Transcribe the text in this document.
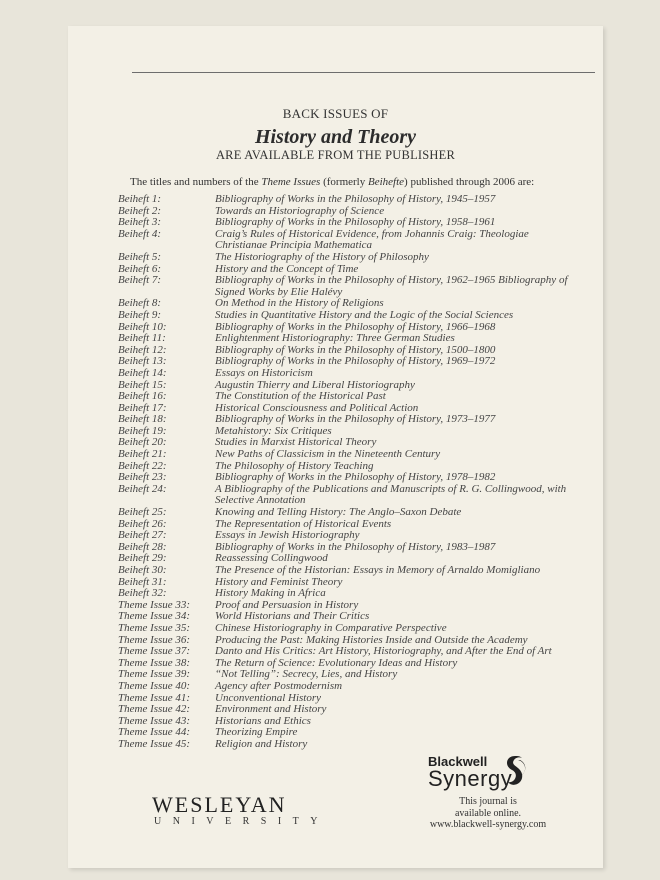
BACK ISSUES OF
History and Theory
ARE AVAILABLE FROM THE PUBLISHER
The titles and numbers of the Theme Issues (formerly Beihefte) published through 2006 are:
Beiheft 1:	Bibliography of Works in the Philosophy of History, 1945–1957
Beiheft 2:	Towards an Historiography of Science
Beiheft 3:	Bibliography of Works in the Philosophy of History, 1958–1961
Beiheft 4:	Craig’s Rules of Historical Evidence, from Johannis Craig: Theologiae Christianae Principia Mathematica
Beiheft 5:	The Historiography of the History of Philosophy
Beiheft 6:	History and the Concept of Time
Beiheft 7:	Bibliography of Works in the Philosophy of History, 1962–1965 Bibliography of Signed Works by Elie Halévy
Beiheft 8:	On Method in the History of Religions
Beiheft 9:	Studies in Quantitative History and the Logic of the Social Sciences
Beiheft 10:	Bibliography of Works in the Philosophy of History, 1966–1968
Beiheft 11:	Enlightenment Historiography: Three German Studies
Beiheft 12:	Bibliography of Works in the Philosophy of History, 1500–1800
Beiheft 13:	Bibliography of Works in the Philosophy of History, 1969–1972
Beiheft 14:	Essays on Historicism
Beiheft 15:	Augustin Thierry and Liberal Historiography
Beiheft 16:	The Constitution of the Historical Past
Beiheft 17:	Historical Consciousness and Political Action
Beiheft 18:	Bibliography of Works in the Philosophy of History, 1973–1977
Beiheft 19:	Metahistory: Six Critiques
Beiheft 20:	Studies in Marxist Historical Theory
Beiheft 21:	New Paths of Classicism in the Nineteenth Century
Beiheft 22:	The Philosophy of History Teaching
Beiheft 23:	Bibliography of Works in the Philosophy of History, 1978–1982
Beiheft 24:	A Bibliography of the Publications and Manuscripts of R. G. Collingwood, with Selective Annotation
Beiheft 25:	Knowing and Telling History: The Anglo–Saxon Debate
Beiheft 26:	The Representation of Historical Events
Beiheft 27:	Essays in Jewish Historiography
Beiheft 28:	Bibliography of Works in the Philosophy of History, 1983–1987
Beiheft 29:	Reassessing Collingwood
Beiheft 30:	The Presence of the Historian: Essays in Memory of Arnaldo Momigliano
Beiheft 31:	History and Feminist Theory
Beiheft 32:	History Making in Africa
Theme Issue 33:	Proof and Persuasion in History
Theme Issue 34:	World Historians and Their Critics
Theme Issue 35:	Chinese Historiography in Comparative Perspective
Theme Issue 36:	Producing the Past: Making Histories Inside and Outside the Academy
Theme Issue 37:	Danto and His Critics: Art History, Historiography, and After the End of Art
Theme Issue 38:	The Return of Science: Evolutionary Ideas and History
Theme Issue 39:	“Not Telling”: Secrecy, Lies, and History
Theme Issue 40:	Agency after Postmodernism
Theme Issue 41:	Unconventional History
Theme Issue 42:	Environment and History
Theme Issue 43:	Historians and Ethics
Theme Issue 44:	Theorizing Empire
Theme Issue 45:	Religion and History
WESLEYAN
UNIVERSITY
Blackwell
Synergy
This journal is
available online.
www.blackwell-synergy.com
